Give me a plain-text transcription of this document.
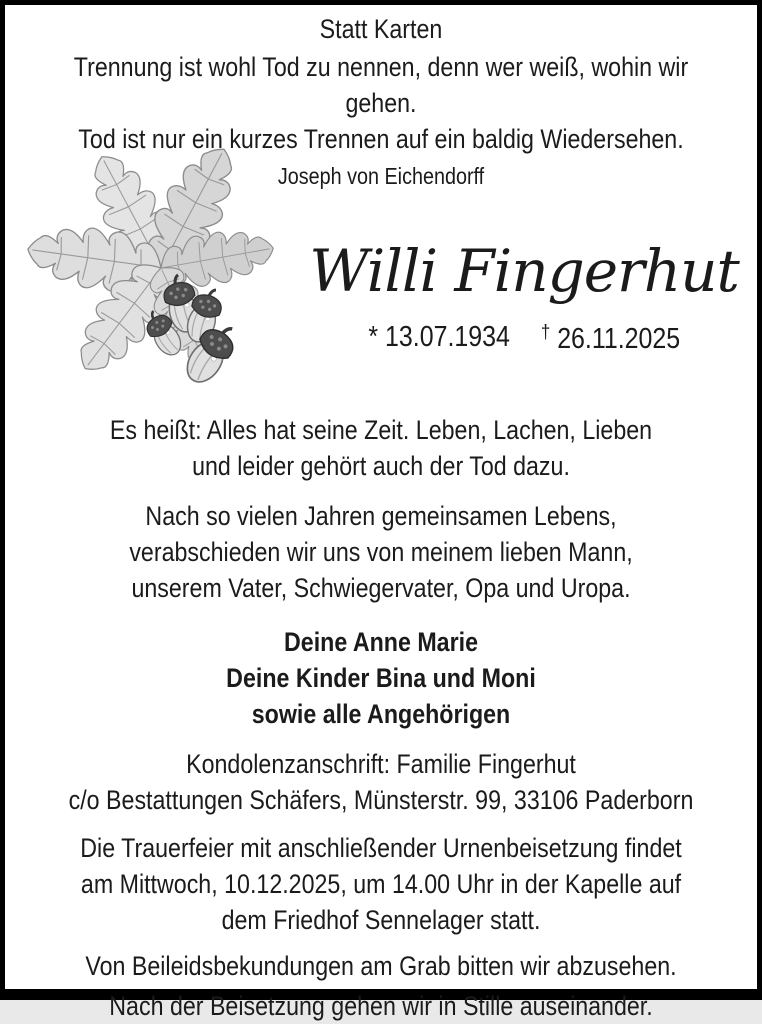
Statt Karten
Trennung ist wohl Tod zu nennen, denn wer weiß, wohin wir gehen.
Tod ist nur ein kurzes Trennen auf ein baldig Wiedersehen.
Joseph von Eichendorff
Willi Fingerhut
* 13.07.1934 † 26.11.2025
Es heißt: Alles hat seine Zeit. Leben, Lachen, Lieben
und leider gehört auch der Tod dazu.
Nach so vielen Jahren gemeinsamen Lebens,
verabschieden wir uns von meinem lieben Mann,
unserem Vater, Schwiegervater, Opa und Uropa.
Deine Anne Marie
Deine Kinder Bina und Moni
sowie alle Angehörigen
Kondolenzanschrift: Familie Fingerhut
c/o Bestattungen Schäfers, Münsterstr. 99, 33106 Paderborn
Die Trauerfeier mit anschließender Urnenbeisetzung findet
am Mittwoch, 10.12.2025, um 14.00 Uhr in der Kapelle auf
dem Friedhof Sennelager statt.
Von Beileidsbekundungen am Grab bitten wir abzusehen.
Nach der Beisetzung gehen wir in Stille auseinander.
